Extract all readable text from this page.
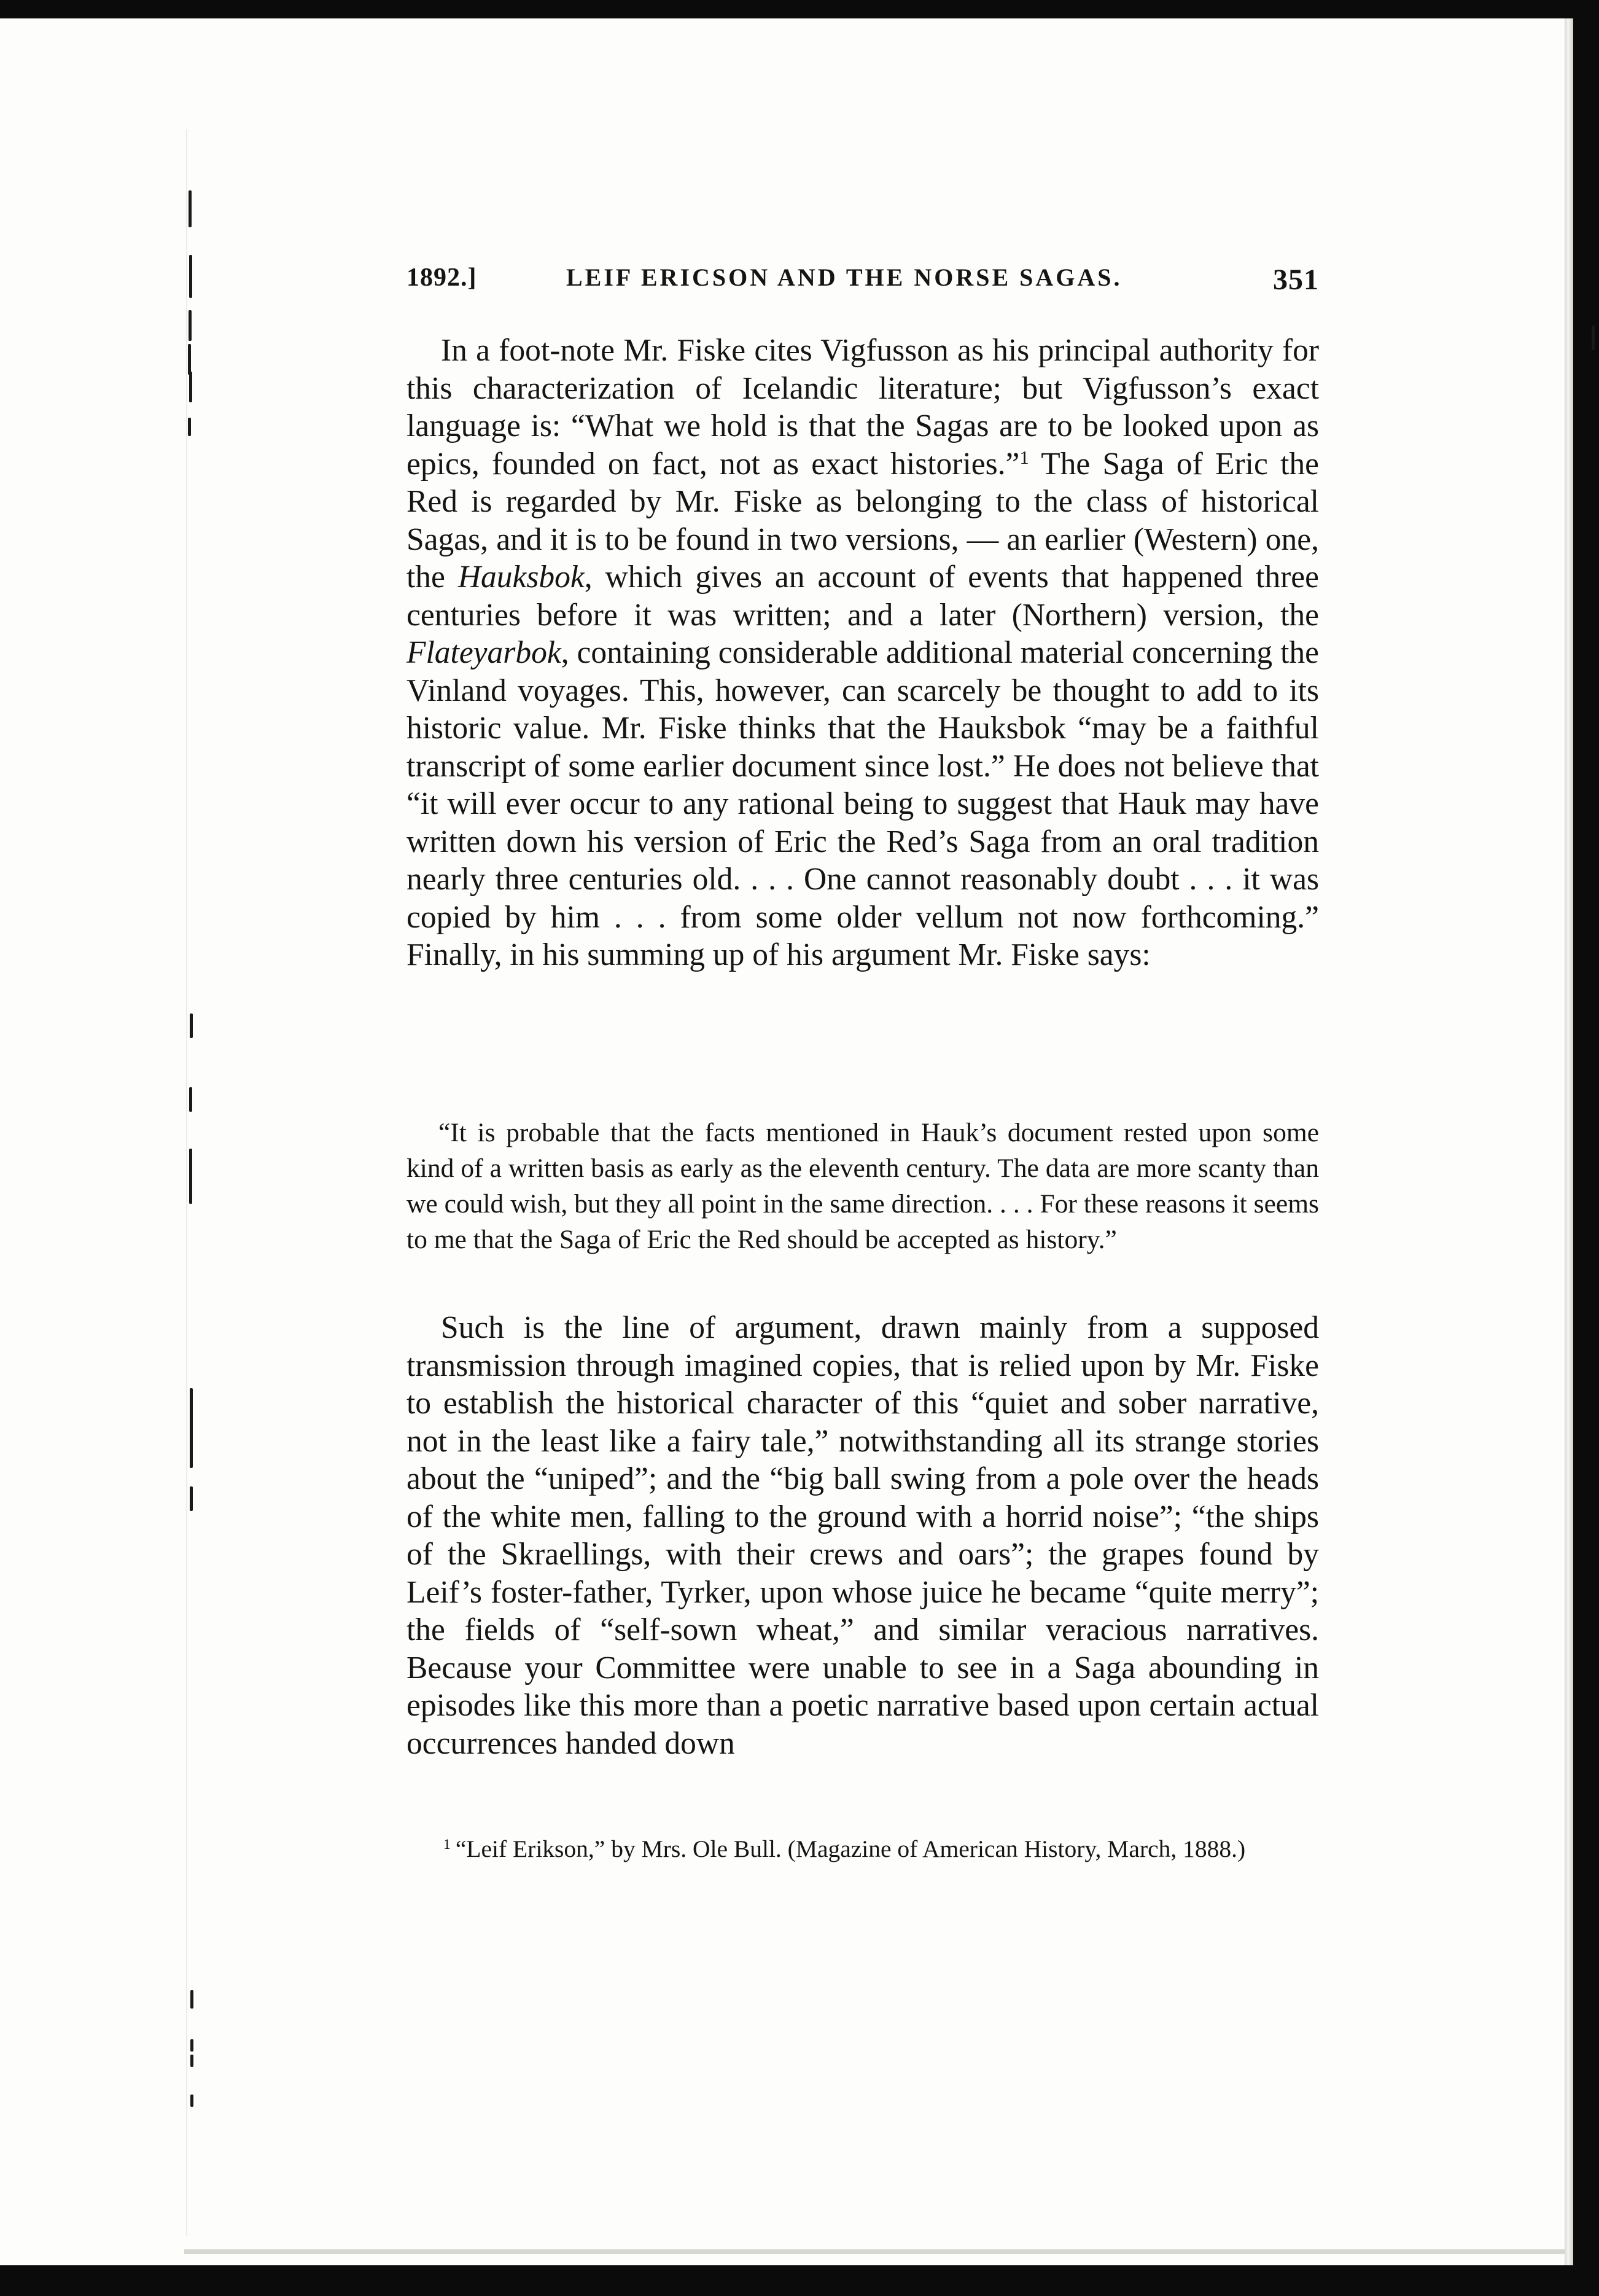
1892.]	LEIF ERICSON AND THE NORSE SAGAS.	351

In a foot-note Mr. Fiske cites Vigfusson as his principal authority for this characterization of Icelandic literature; but Vigfusson’s exact language is: “What we hold is that the Sagas are to be looked upon as epics, founded on fact, not as exact histories.”$^1$ The Saga of Eric the Red is regarded by Mr. Fiske as belonging to the class of historical Sagas, and it is to be found in two versions, — an earlier (Western) one, the Hauksbok, which gives an account of events that happened three centuries before it was written; and a later (Northern) version, the Flateyarbok, containing considerable additional material concerning the Vinland voyages. This, however, can scarcely be thought to add to its historic value. Mr. Fiske thinks that the Hauksbok “may be a faithful transcript of some earlier document since lost.” He does not believe that “it will ever occur to any rational being to suggest that Hauk may have written down his version of Eric the Red’s Saga from an oral tradition nearly three centuries old. . . . One cannot reasonably doubt . . . it was copied by him . . . from some older vellum not now forthcoming.” Finally, in his summing up of his argument Mr. Fiske says:

“It is probable that the facts mentioned in Hauk’s document rested upon some kind of a written basis as early as the eleventh century. The data are more scanty than we could wish, but they all point in the same direction. . . . For these reasons it seems to me that the Saga of Eric the Red should be accepted as history.”

Such is the line of argument, drawn mainly from a supposed transmission through imagined copies, that is relied upon by Mr. Fiske to establish the historical character of this “quiet and sober narrative, not in the least like a fairy tale,” notwithstanding all its strange stories about the “uniped”; and the “big ball swing from a pole over the heads of the white men, falling to the ground with a horrid noise”; “the ships of the Skraellings, with their crews and oars”; the grapes found by Leif’s foster-father, Tyrker, upon whose juice he became “quite merry”; the fields of “self-sown wheat,” and similar veracious narratives. Because your Committee were unable to see in a Saga abounding in episodes like this more than a poetic narrative based upon certain actual occurrences handed down

$^1$ “Leif Erikson,” by Mrs. Ole Bull. (Magazine of American History, March, 1888.)
